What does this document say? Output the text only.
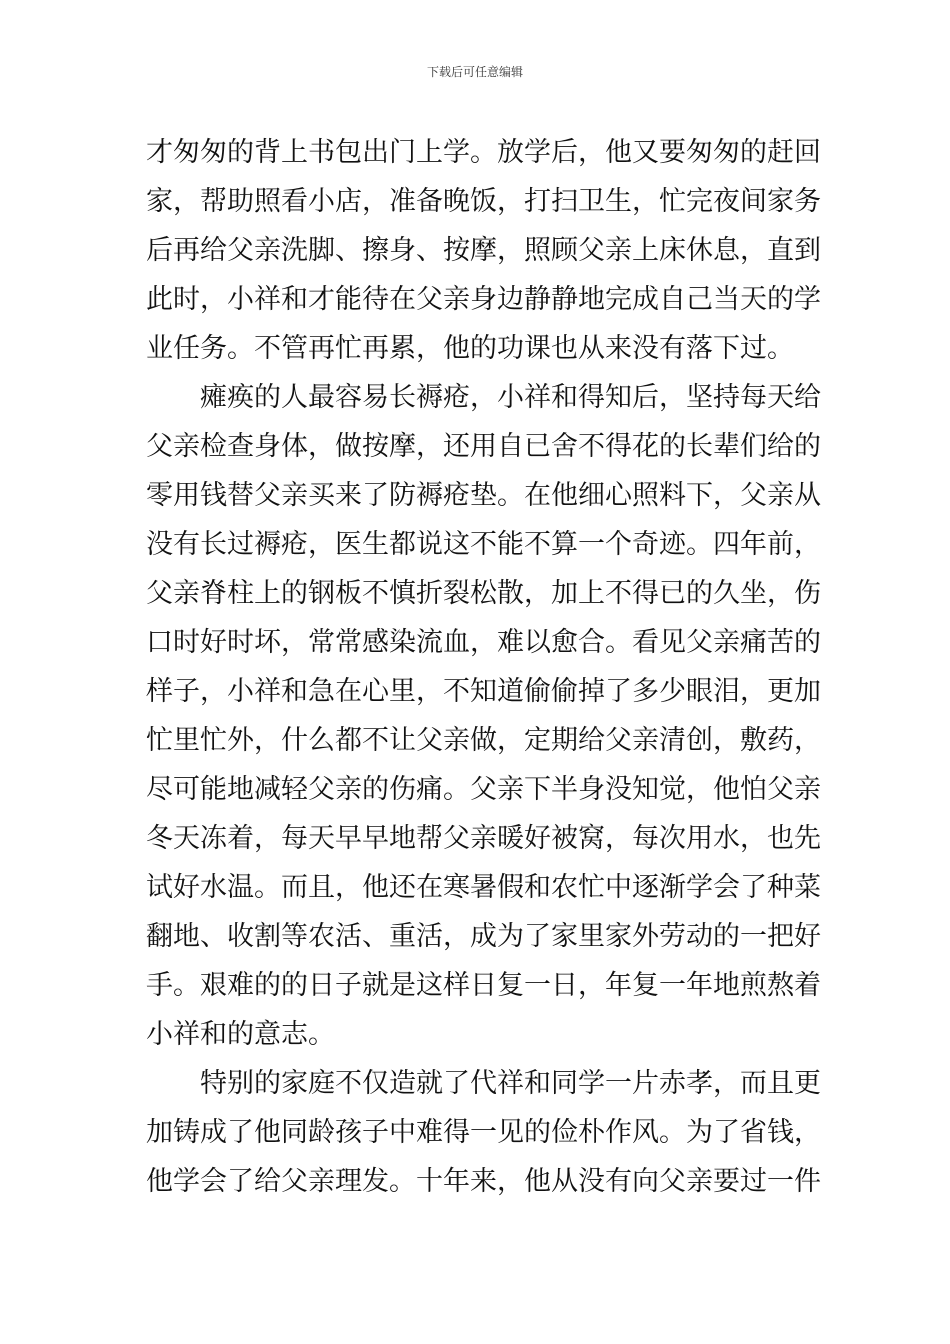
下载后可任意编辑
才匆匆的背上书包出门上学。放学后，他又要匆匆的赶回
家，帮助照看小店，准备晚饭，打扫卫生，忙完夜间家务
后再给父亲洗脚、擦身、按摩，照顾父亲上床休息，直到
此时，小祥和才能待在父亲身边静静地完成自己当天的学
业任务。不管再忙再累，他的功课也从来没有落下过。
瘫痪的人最容易长褥疮，小祥和得知后，坚持每天给
父亲检查身体，做按摩，还用自已舍不得花的长辈们给的
零用钱替父亲买来了防褥疮垫。在他细心照料下，父亲从
没有长过褥疮，医生都说这不能不算一个奇迹。四年前，
父亲脊柱上的钢板不慎折裂松散，加上不得已的久坐，伤
口时好时坏，常常感染流血，难以愈合。看见父亲痛苦的
样子，小祥和急在心里，不知道偷偷掉了多少眼泪，更加
忙里忙外，什么都不让父亲做，定期给父亲清创，敷药，
尽可能地减轻父亲的伤痛。父亲下半身没知觉，他怕父亲
冬天冻着，每天早早地帮父亲暖好被窝，每次用水，也先
试好水温。而且，他还在寒暑假和农忙中逐渐学会了种菜
翻地、收割等农活、重活，成为了家里家外劳动的一把好
手。艰难的的日子就是这样日复一日，年复一年地煎熬着
小祥和的意志。
特别的家庭不仅造就了代祥和同学一片赤孝，而且更
加铸成了他同龄孩子中难得一见的俭朴作风。为了省钱，
他学会了给父亲理发。十年来，他从没有向父亲要过一件
